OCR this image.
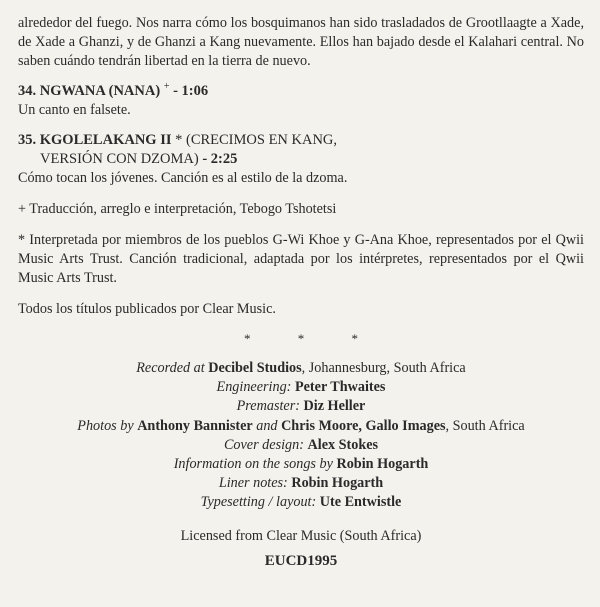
alrededor del fuego. Nos narra cómo los bosquimanos han sido trasladados de Grootllaagte a Xade, de Xade a Ghanzi, y de Ghanzi a Kang nuevamente. Ellos han bajado desde el Kalahari central. No saben cuándo tendrán libertad en la tierra de nuevo.

34. NGWANA (NANA) + - 1:06

Un canto en falsete.

35. KGOLELAKANG II * (CRECIMOS EN KANG,

VERSIÓN CON DZOMA) - 2:25

Cómo tocan los jóvenes. Canción es al estilo de la dzoma.

+ Traducción, arreglo e interpretación, Tebogo Tshotetsi

* Interpretada por miembros de los pueblos G-Wi Khoe y G-Ana Khoe, representados por el Qwii Music Arts Trust. Canción tradicional, adaptada por los intérpretes, representados por el Qwii Music Arts Trust.

Todos los títulos publicados por Clear Music.

*	*	*
Recorded at Decibel Studios, Johannesburg, South Africa
Engineering: Peter Thwaites
Premaster: Diz Heller
Photos by Anthony Bannister and Chris Moore, Gallo Images, South Africa
Cover design: Alex Stokes
Information on the songs by Robin Hogarth
Liner notes: Robin Hogarth
Typesetting / layout: Ute Entwistle
Licensed from Clear Music (South Africa)
EUCD1995
